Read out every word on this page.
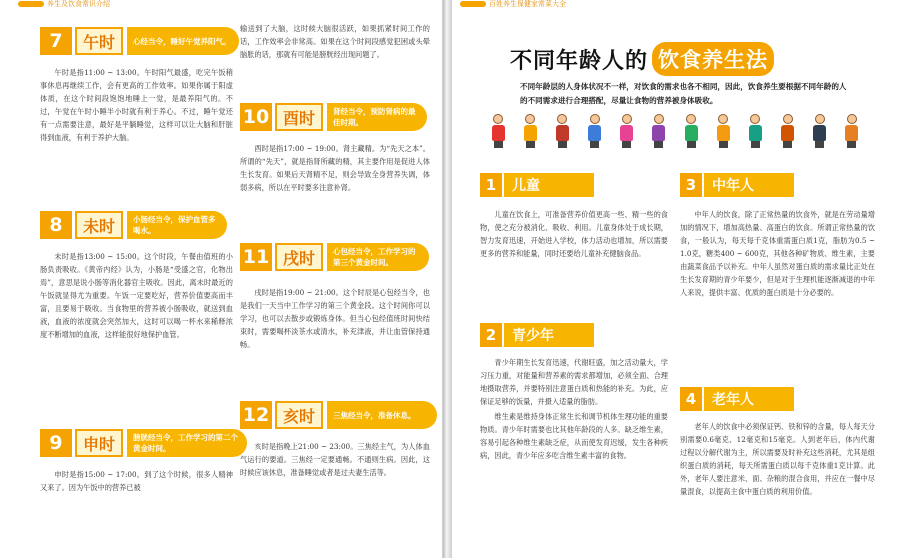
养生及饮食常识介绍
7	午时	心经当令，睡好午觉养阳气。

午时是指11:00 ~ 13:00。午时阳气最盛，吃完午饭稍事休息再继续工作，会有更高的工作效率。如果你属于阳虚体质，在这个时间段饱饱地睡上一觉，是最养阳气的。不过，午觉在午时小睡半小时就有利于养心。不过，睡午觉还有一点需要注意，最好是平躺睡觉，这样可以让大脑和肝脏得到血液，有利于养护大脑。

8	未时	小肠经当令，保护血管多喝水。

未时是指13:00 ~ 15:00。这个时段，午餐由值班的小肠负责吸收。《黄帝内经》认为，小肠是“受盛之官，化物出焉”，意思是说小肠等消化器官主吸收。因此，离未时最近的午饭就显得尤为重要。午饭一定要吃好，营养价值要高而丰富，且要易于吸收。当食物里的营养被小肠吸收，就送到血液，血液的浓度就会突然加大，这时可以喝一杯水来稀释浓度不断增加的血液，这样能很好地保护血管。

9	申时	膀胱经当令，工作学习的第二个黄金时间。

申时是指15:00 ~ 17:00。到了这个时候，很多人精神又来了。因为午饭中的营养已被

输送到了大脑，这时候大脑很活跃，如果抓紧时间工作的话，工作效率会非常高。如果在这个时间段感觉犯困或头晕脑胀的话，那就有可能是膀胱经出现问题了。

10 酉时	肾经当令，预防肾病的最佳时期。

酉时是指17:00 ~ 19:00。肾主藏精。为“先天之本”。所谓的“先天”，就是指肾所藏的精，其主要作用是促进人体生长发育。如果后天肾精不足，则会导致全身营养失调，体弱多病，所以在平时要多注意补肾。

11 戌时	心包经当令，工作学习的第三个黄金时间。

戌时是指19:00 ~ 21:00。这个时辰是心包经当令，也是我们一天当中工作学习的第三个黄金段。这个时间你可以学习，也可以去散步或锻炼身体。但当心包经值班时间快结束时，需要喝杯淡茶水或清水，补充津液，并让血管保持通畅。

12 亥时	三焦经当令，准备休息。

亥时是指晚上21:00 ~ 23:00。三焦经主气，为人体血气运行的要道。三焦经一定要通畅。不通则生病。因此，这时候应该休息，准备睡觉或者是过夫妻生活等。

百姓养生保健家常菜大全
不同年龄人的 饮食养生法
不同年龄层的人身体状况不一样，对饮食的需求也各不相同，因此，饮食养生要根据不同年龄的人的不同需求进行合理搭配，尽量让食物的营养被身体吸收。
1	儿童

儿童在饮食上，可准备营养价值更高一些、精一些的食物，使之充分被消化、吸收、利用。儿童身体处于成长期，智力发育迅速，开始进入学校，体力活动也增加，所以需要更多的营养和能量，同时还要给儿童补充健脑食品。

2	青少年

青少年期生长发育迅速，代谢旺盛，加之活动量大，学习压力重，对能量和营养素的需求都增加，必须全面、合理地摄取营养，并要特别注意蛋白质和热能的补充。为此，应保证足够的饭量，并摄入适量的脂肪。

维生素是维持身体正常生长和调节机体生理功能的重要物质。青少年时需要也比其他年龄段的人多。缺乏维生素，容易引起各种维生素缺乏症，从而使发育迟缓，发生各种疾病，因此，青少年应多吃含维生素丰富的食物。

3	中年人

中年人的饮食，除了正常热量的饮食外，就是在劳动量增加的情况下，增加高热量、高蛋白的饮食。所谓正常热量的饮食，一般认为，每天每千克体重需蛋白质1克，脂肪为0.5 ~ 1.0克，糖类400 ~ 600克，其他各种矿物质、维生素，主要由蔬菜食品予以补充。中年人虽然对蛋白质的需求量比正处在生长发育期的青少年要少，但是对于生理机能逐渐减退的中年人来说，提供丰富、优质的蛋白质是十分必要的。

4	老年人

老年人的饮食中必须保证钙、铁和锌的含量，每人每天分别需要0.6毫克、12毫克和15毫克。人到老年后，体内代谢过程以分解代谢为主，所以需要及时补充这些消耗，尤其是组织蛋白质的消耗，每天所需蛋白质以每千克体重1克计算。此外，老年人要注意米、面、杂粮的混合食用，并应在一餐中尽量混食，以提高主食中蛋白质的利用价值。
